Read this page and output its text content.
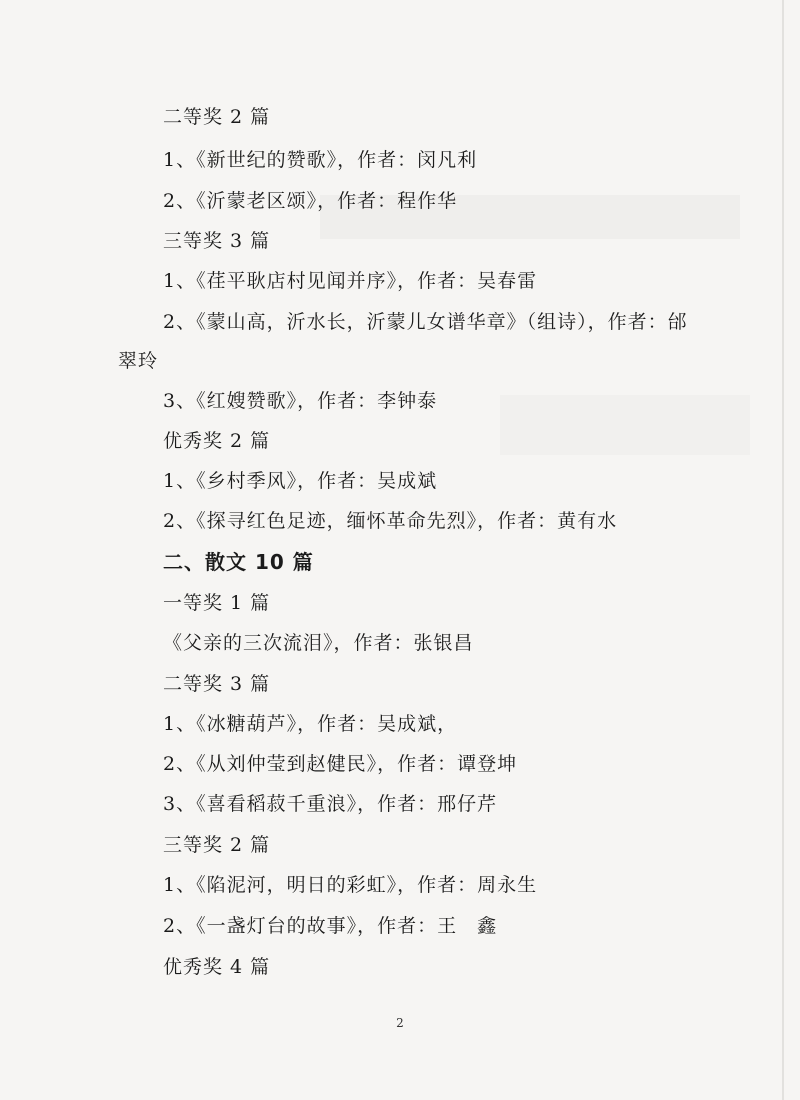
二等奖 2 篇
1、《新世纪的赞歌》，作者：闵凡利
2、《沂蒙老区颂》，作者：程作华
三等奖 3 篇
1、《荏平耿店村见闻并序》，作者：吴春雷
2、《蒙山高，沂水长，沂蒙儿女谱华章》（组诗），作者：邰
翠玲
3、《红嫂赞歌》，作者：李钟泰
优秀奖 2 篇
1、《乡村季风》，作者：吴成斌
2、《探寻红色足迹，缅怀革命先烈》，作者：黄有水
二、散文 10 篇
一等奖 1 篇
《父亲的三次流泪》，作者：张银昌
二等奖 3 篇
1、《冰糖葫芦》，作者：吴成斌，
2、《从刘仲莹到赵健民》，作者：谭登坤
3、《喜看稻菽千重浪》，作者：邢仔芹
三等奖 2 篇
1、《陷泥河，明日的彩虹》，作者：周永生
2、《一盏灯台的故事》，作者：王　鑫
优秀奖 4 篇
2
